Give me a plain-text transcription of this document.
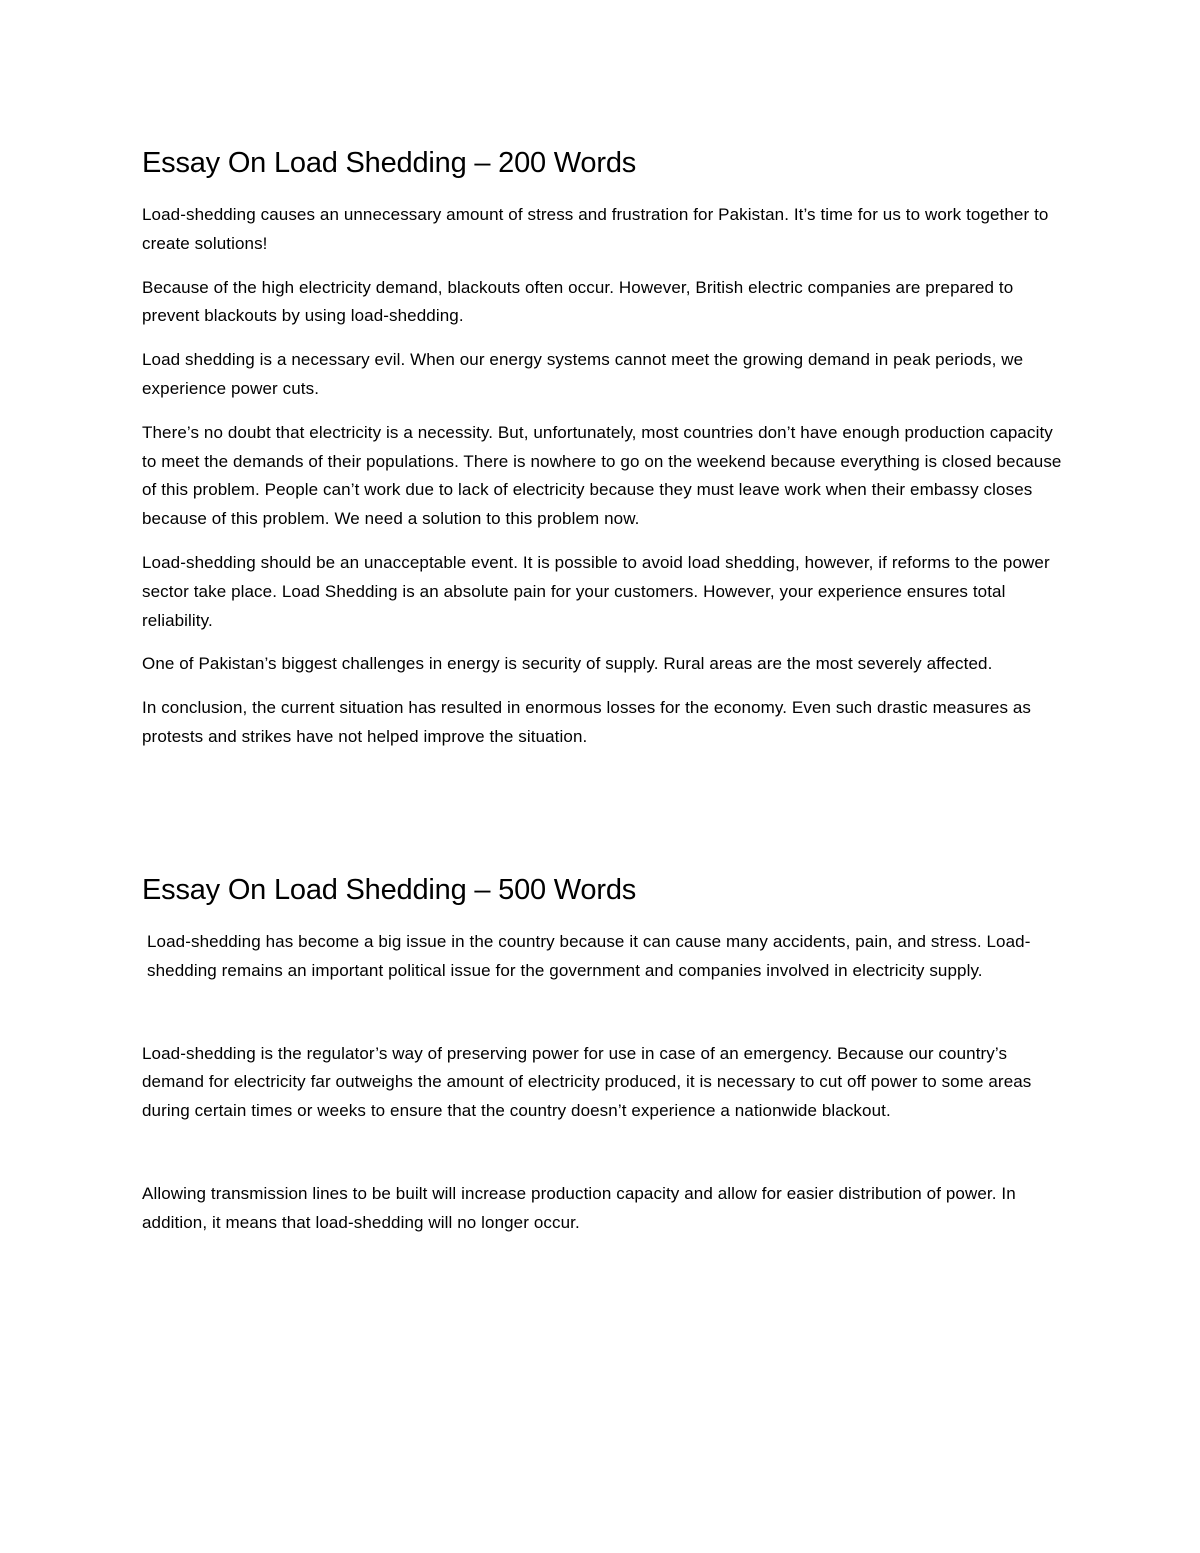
Essay On Load Shedding – 200 Words

Load-shedding causes an unnecessary amount of stress and frustration for Pakistan. It’s time for us to work together to create solutions!

Because of the high electricity demand, blackouts often occur. However, British electric companies are prepared to prevent blackouts by using load-shedding.

Load shedding is a necessary evil. When our energy systems cannot meet the growing demand in peak periods, we experience power cuts.

There’s no doubt that electricity is a necessity. But, unfortunately, most countries don’t have enough production capacity to meet the demands of their populations. There is nowhere to go on the weekend because everything is closed because of this problem. People can’t work due to lack of electricity because they must leave work when their embassy closes because of this problem. We need a solution to this problem now.

Load-shedding should be an unacceptable event. It is possible to avoid load shedding, however, if reforms to the power sector take place. Load Shedding is an absolute pain for your customers. However, your experience ensures total reliability.

One of Pakistan’s biggest challenges in energy is security of supply. Rural areas are the most severely affected.

In conclusion, the current situation has resulted in enormous losses for the economy. Even such drastic measures as protests and strikes have not helped improve the situation.

Essay On Load Shedding – 500 Words

Load-shedding has become a big issue in the country because it can cause many accidents, pain, and stress. Load-shedding remains an important political issue for the government and companies involved in electricity supply.

Load-shedding is the regulator’s way of preserving power for use in case of an emergency. Because our country’s demand for electricity far outweighs the amount of electricity produced, it is necessary to cut off power to some areas during certain times or weeks to ensure that the country doesn’t experience a nationwide blackout.

Allowing transmission lines to be built will increase production capacity and allow for easier distribution of power. In addition, it means that load-shedding will no longer occur.
